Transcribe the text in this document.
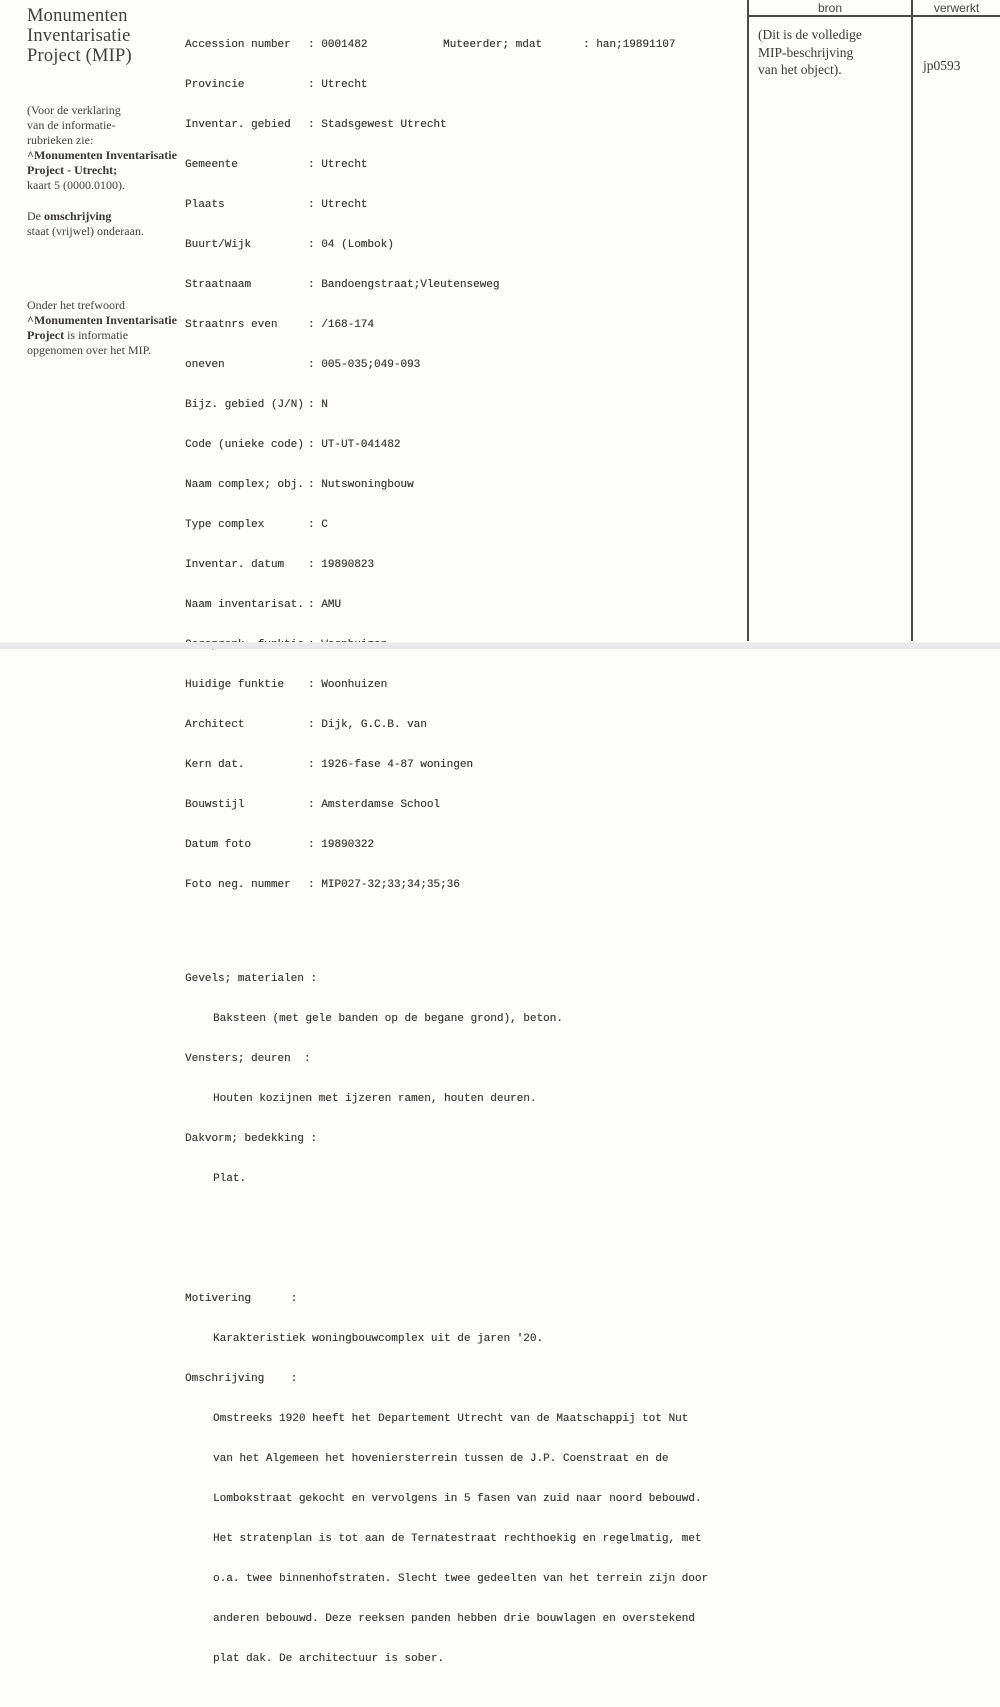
Monumenten
Inventarisatie
Project (MIP)

(Voor de verklaring
van de informatie-
rubrieken zie:
^Monumenten Inventarisatie
Project - Utrecht;
kaart 5 (0000.0100).

De omschrijving
staat (vrijwel) onderaan.

Onder het trefwoord
^Monumenten Inventarisatie
Project is informatie
opgenomen over het MIP.

Accession number : 0001482	Muteerder; mdat	: han;19891107

Provincie	: Utrecht

Inventar. gebied : Stadsgewest Utrecht

Gemeente	: Utrecht

Plaats	: Utrecht

Buurt/Wijk	: 04 (Lombok)

Straatnaam	: Bandoengstraat;Vleutenseweg

Straatnrs even	: /168-174

oneven	: 005-035;049-093

Bijz. gebied (J/N) : N

Code (unieke code) : UT-UT-041482

Naam complex; obj. : Nutswoningbouw

Type complex	: C

Inventar. datum : 19890823

Naam inventarisat. : AMU

Huidige funktie : Woonhuizen

Architect	: Dijk, G.C.B. van

Kern dat.	: 1926-fase 4-87 woningen

Bouwstijl	: Amsterdamse School

Datum foto	: 19890322

Foto neg. nummer : MIP027-32;33;34;35;36

Gevels; materialen :

Baksteen (met gele banden op de begane grond), beton.

Vensters; deuren  :

Houten kozijnen met ijzeren ramen, houten deuren.

Dakvorm; bedekking :

Plat.

Motivering      :

Karakteristiek woningbouwcomplex uit de jaren '20.

Omschrijving    :

Omstreeks 1920 heeft het Departement Utrecht van de Maatschappij tot Nut

van het Algemeen het hoveniersterrein tussen de J.P. Coenstraat en de

Lombokstraat gekocht en vervolgens in 5 fasen van zuid naar noord bebouwd.

Het stratenplan is tot aan de Ternatestraat rechthoekig en regelmatig, met

o.a. twee binnenhofstraten. Slecht twee gedeelten van het terrein zijn door

anderen bebouwd. Deze reeksen panden hebben drie bouwlagen en overstekend

plat dak. De architectuur is sober.

bron	verwerkt
(Dit is de volledige
MIP-beschrijving
van het object).	jp0593
